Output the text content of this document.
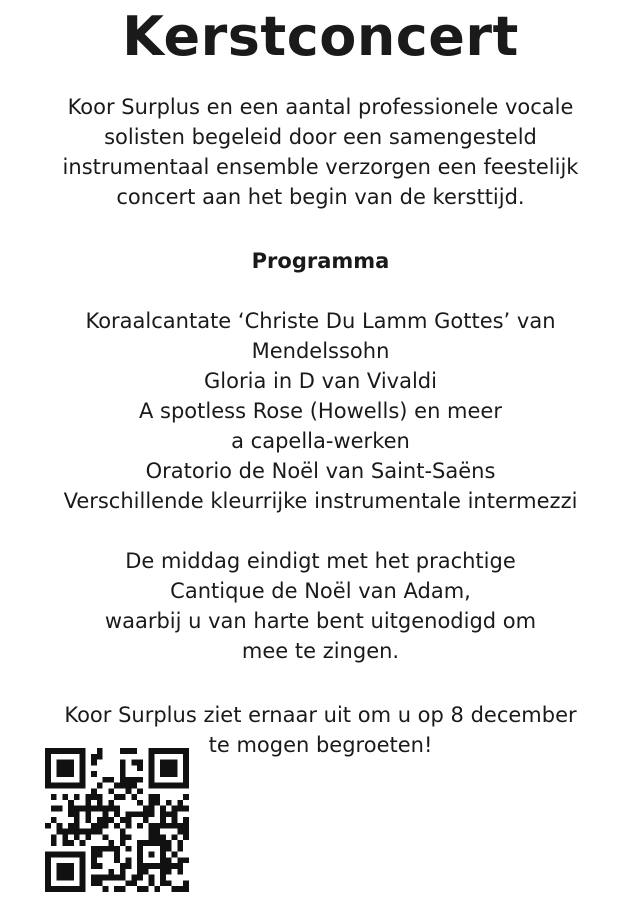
Kerstconcert
Koor Surplus en een aantal professionele vocale
solisten begeleid door een samengesteld
instrumentaal ensemble verzorgen een feestelijk
concert aan het begin van de kersttijd.
Programma
Koraalcantate ‘Christe Du Lamm Gottes’ van
Mendelssohn
Gloria in D van Vivaldi
A spotless Rose (Howells) en meer
a capella-werken
Oratorio de Noël van Saint-Saëns
Verschillende kleurrijke instrumentale intermezzi
De middag eindigt met het prachtige
Cantique de Noël van Adam,
waarbij u van harte bent uitgenodigd om
mee te zingen.
Koor Surplus ziet ernaar uit om u op 8 december
te mogen begroeten!
